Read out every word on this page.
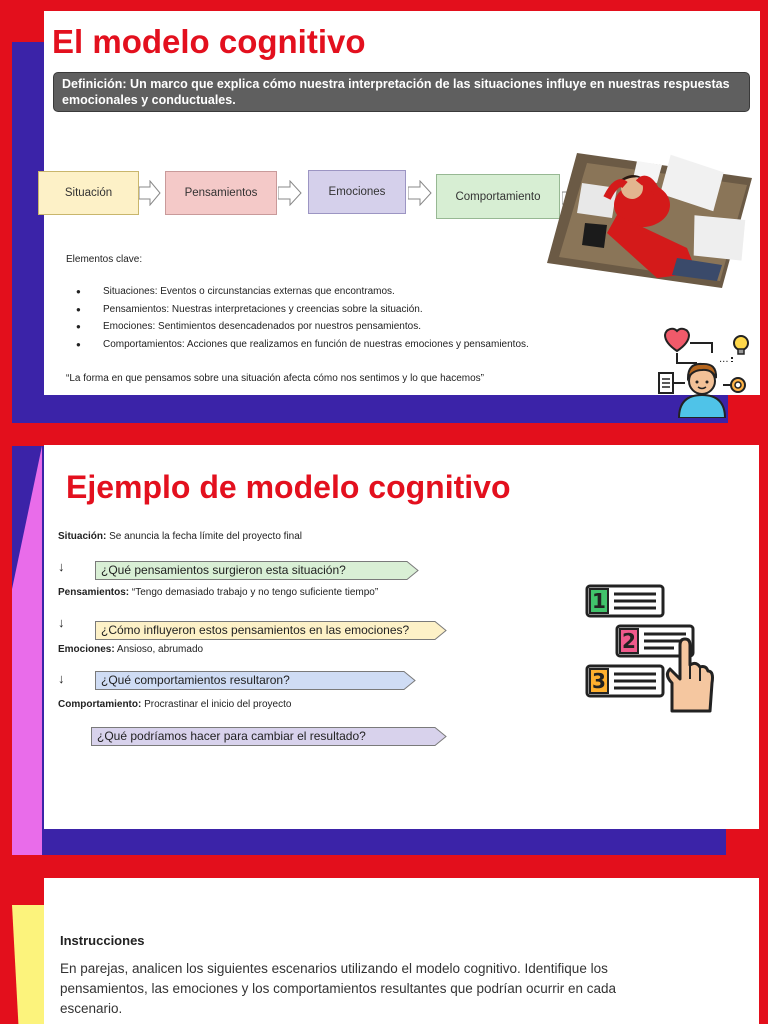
El modelo cognitivo
Definición: Un marco que explica cómo nuestra interpretación de las situaciones influye en nuestras respuestas emocionales y conductuales.
Situación	Pensamientos	Emociones	Comportamiento
Elementos clave:
● Situaciones: Eventos o circunstancias externas que encontramos.
● Pensamientos: Nuestras interpretaciones y creencias sobre la situación.
● Emociones: Sentimientos desencadenados por nuestros pensamientos.
● Comportamientos: Acciones que realizamos en función de nuestras emociones y pensamientos.
“La forma en que pensamos sobre una situación afecta cómo nos sentimos y lo que hacemos”
···
Ejemplo de modelo cognitivo
Situación: Se anuncia la fecha límite del proyecto final
↓	¿Qué pensamientos surgieron esta situación?
Pensamientos: “Tengo demasiado trabajo y no tengo suficiente tiempo”
↓	¿Cómo influyeron estos pensamientos en las emociones?
Emociones: Ansioso, abrumado
↓	¿Qué comportamientos resultaron?
Comportamiento: Procrastinar el inicio del proyecto
¿Qué podríamos hacer para cambiar el resultado?
1
2
3
Instrucciones

En parejas, analicen los siguientes escenarios utilizando el modelo cognitivo. Identifique los pensamientos, las emociones y los comportamientos resultantes que podrían ocurrir en cada escenario.
